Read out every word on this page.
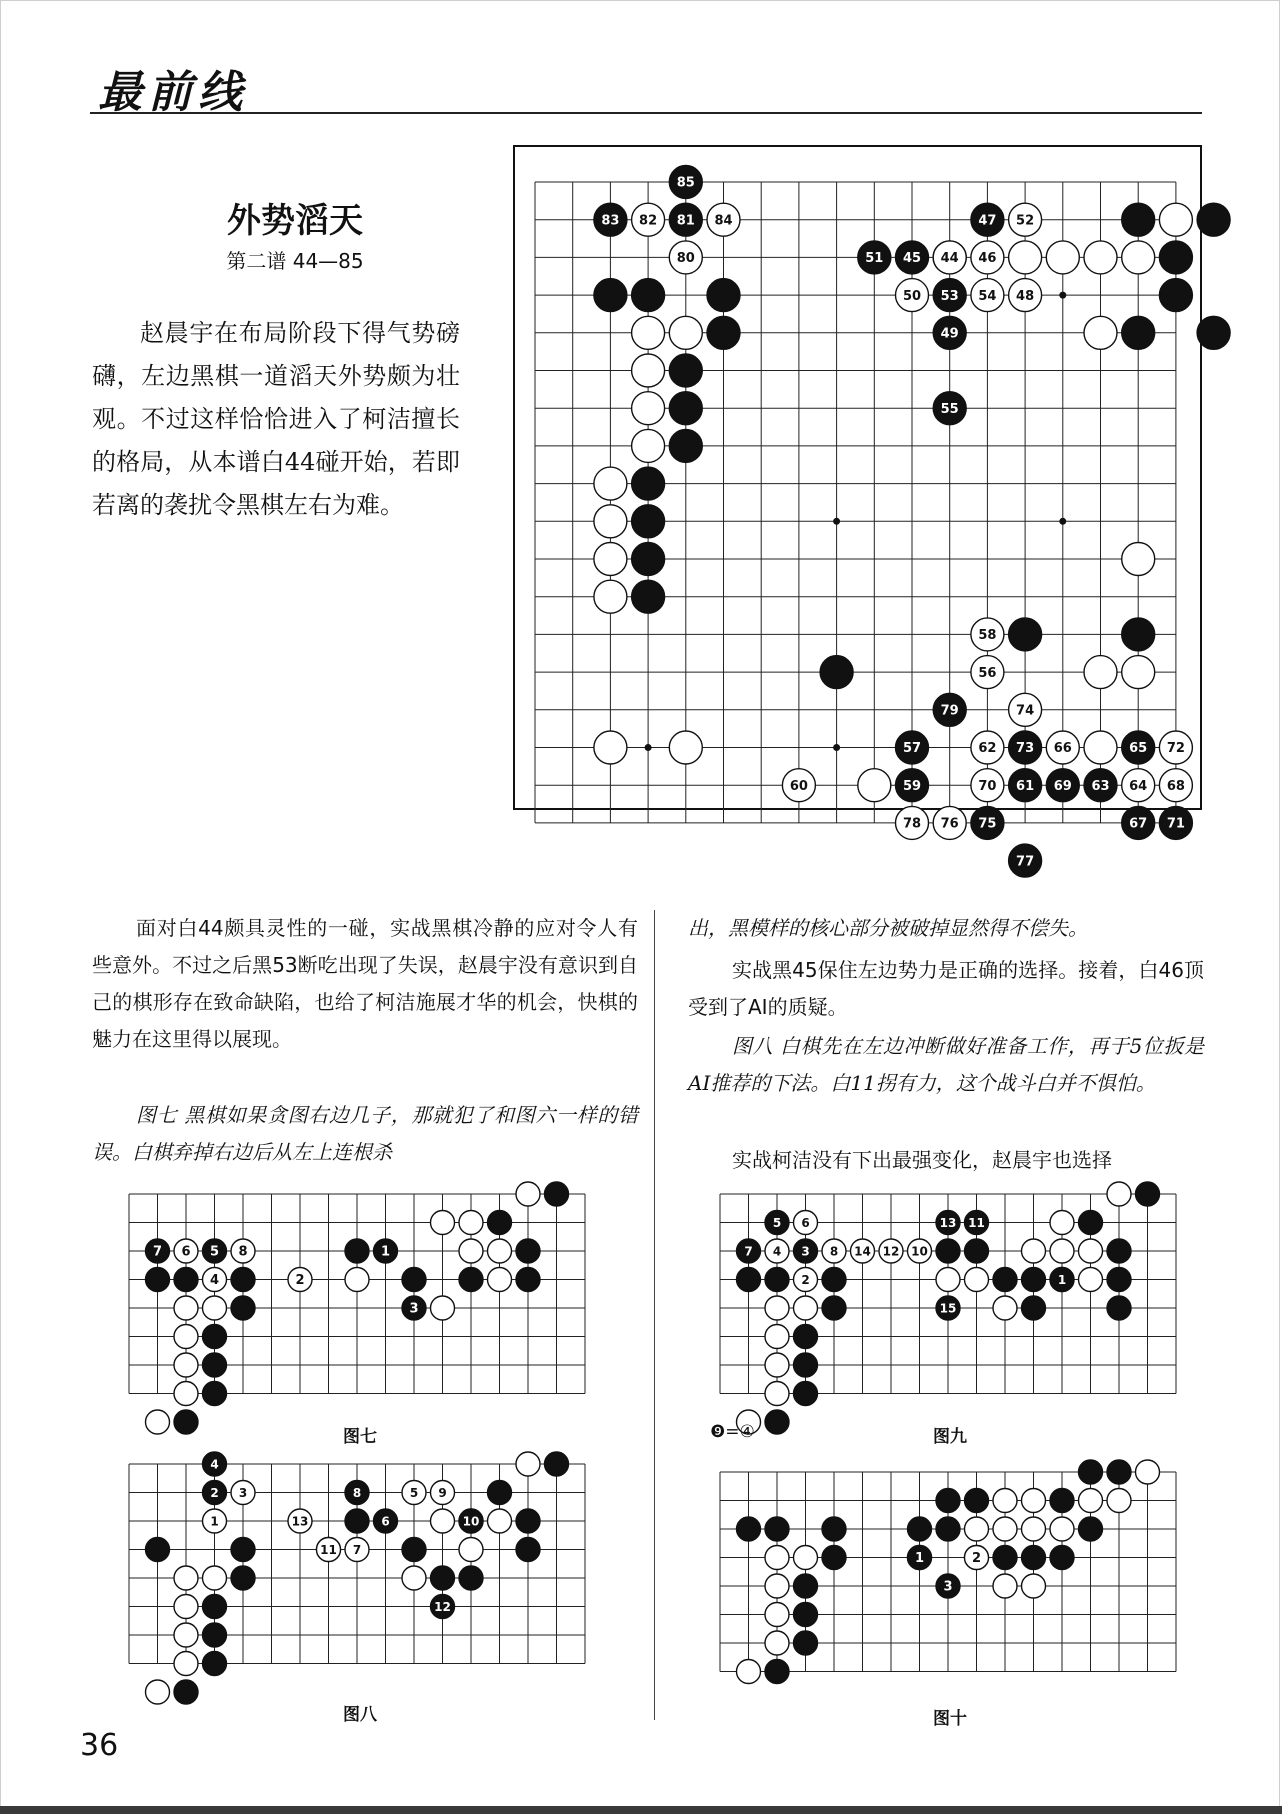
最前线

外势滔天

第二谱 44—85

赵晨宇在布局阶段下得气势磅礴，左边黑棋一道滔天外势颇为壮观。不过这样恰恰进入了柯洁擅长的格局，从本谱白44碰开始，若即若离的袭扰令黑棋左右为难。

85
83 82 81 84	47 52
80	51 45 44 46
50 53 54 48
49
55
58
56
79	74
57	62 73 66	65 72
60	59	70 61 69 63 64 68
78 76 75	67 71
77

面对白44颇具灵性的一碰，实战黑棋冷静的应对令人有些意外。不过之后黑53断吃出现了失误，赵晨宇没有意识到自己的棋形存在致命缺陷，也给了柯洁施展才华的机会，快棋的魅力在这里得以展现。

图七 黑棋如果贪图右边几子，那就犯了和图六一样的错误。白棋弃掉右边后从左上连根杀

出，黑模样的核心部分被破掉显然得不偿失。

实战黑45保住左边势力是正确的选择。接着，白46顶受到了AI的质疑。

图八 白棋先在左边冲断做好准备工作，再于5位扳是AI推荐的下法。白11拐有力，这个战斗白并不惧怕。

实战柯洁没有下出最强变化，赵晨宇也选择

7 6 5 8
4	2
1
3

图七

5 6
7 4 3 8
2
13 11
14 12 10
1
15

❾=④	图九

4
2 3
1
8	5 9
13	6	10
11 7
12

图八

1	2
3

图十

36
